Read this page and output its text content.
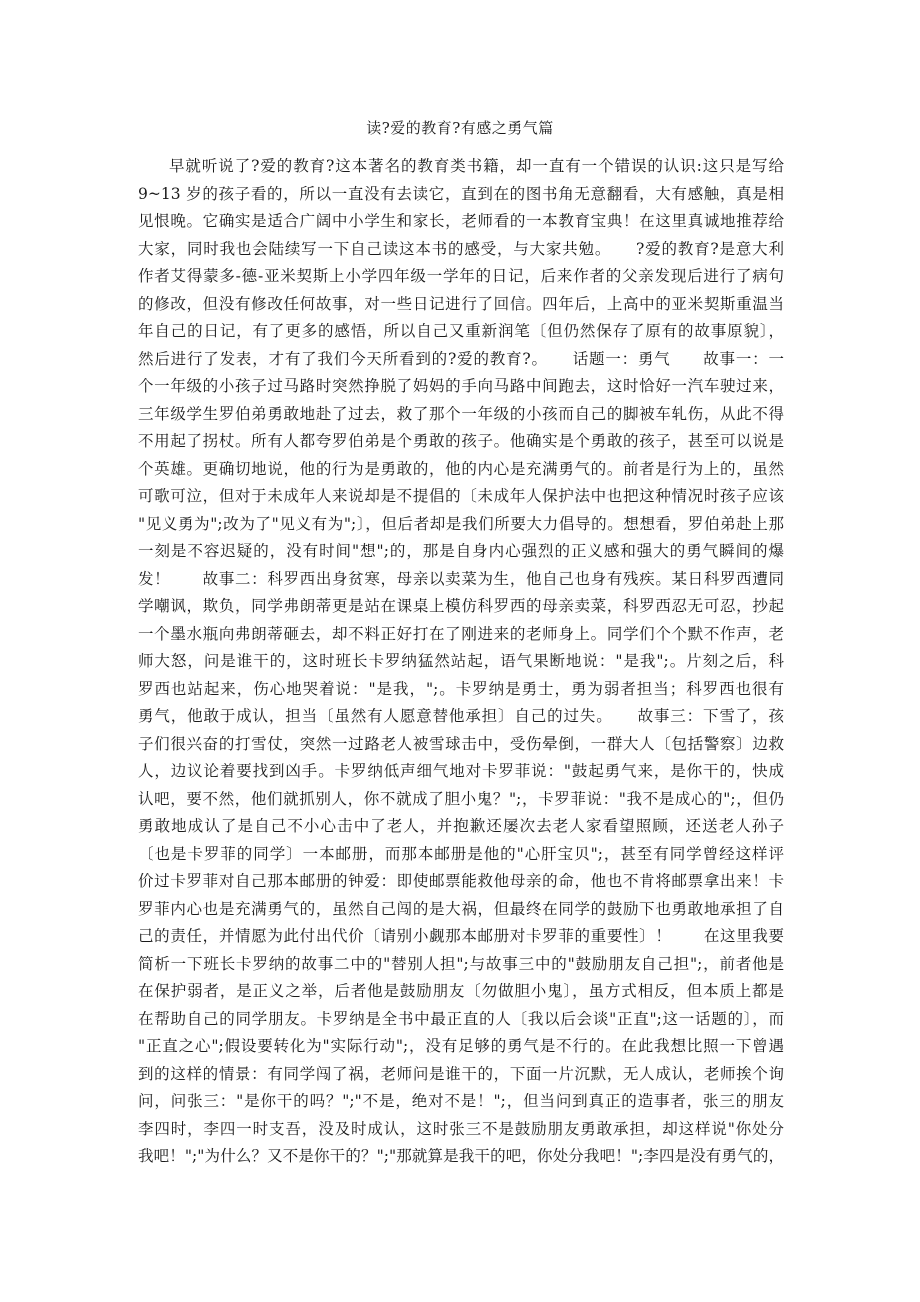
读?爱的教育?有感之勇气篇
早就听说了?爱的教育?这本著名的教育类书籍，却一直有一个错误的认识:这只是写给
9~13 岁的孩子看的，所以一直没有去读它，直到在的图书角无意翻看，大有感触，真是相
见恨晚。它确实是适合广阔中小学生和家长，老师看的一本教育宝典！在这里真诚地推荐给
大家，同时我也会陆续写一下自己读这本书的感受，与大家共勉。　　?爱的教育?是意大利
作者艾得蒙多-德-亚米契斯上小学四年级一学年的日记，后来作者的父亲发现后进行了病句
的修改，但没有修改任何故事，对一些日记进行了回信。四年后，上高中的亚米契斯重温当
年自己的日记，有了更多的感悟，所以自己又重新润笔〔但仍然保存了原有的故事原貌〕，
然后进行了发表，才有了我们今天所看到的?爱的教育?。　　话题一：勇气　　故事一：一
个一年级的小孩子过马路时突然挣脱了妈妈的手向马路中间跑去，这时恰好一汽车驶过来，
三年级学生罗伯弟勇敢地赴了过去，救了那个一年级的小孩而自己的脚被车轧伤，从此不得
不用起了拐杖。所有人都夸罗伯弟是个勇敢的孩子。他确实是个勇敢的孩子，甚至可以说是
个英雄。更确切地说，他的行为是勇敢的，他的内心是充满勇气的。前者是行为上的，虽然
可歌可泣，但对于未成年人来说却是不提倡的〔未成年人保护法中也把这种情况时孩子应该
"见义勇为";改为了"见义有为";〕，但后者却是我们所要大力倡导的。想想看，罗伯弟赴上那
一刻是不容迟疑的，没有时间"想";的，那是自身内心强烈的正义感和强大的勇气瞬间的爆
发！　　故事二：科罗西出身贫寒，母亲以卖菜为生，他自己也身有残疾。某日科罗西遭同
学嘲讽，欺负，同学弗朗蒂更是站在课桌上模仿科罗西的母亲卖菜，科罗西忍无可忍，抄起
一个墨水瓶向弗朗蒂砸去，却不料正好打在了刚进来的老师身上。同学们个个默不作声，老
师大怒，问是谁干的，这时班长卡罗纳猛然站起，语气果断地说："是我";。片刻之后，科
罗西也站起来，伤心地哭着说："是我，";。卡罗纳是勇士，勇为弱者担当；科罗西也很有
勇气，他敢于成认，担当〔虽然有人愿意替他承担〕自己的过失。　　故事三：下雪了，孩
子们很兴奋的打雪仗，突然一过路老人被雪球击中，受伤晕倒，一群大人〔包括警察〕边救
人，边议论着要找到凶手。卡罗纳低声细气地对卡罗菲说："鼓起勇气来，是你干的，快成
认吧，要不然，他们就抓别人，你不就成了胆小鬼？";，卡罗菲说："我不是成心的";，但仍
勇敢地成认了是自己不小心击中了老人，并抱歉还屡次去老人家看望照顾，还送老人孙子
〔也是卡罗菲的同学〕一本邮册，而那本邮册是他的"心肝宝贝";，甚至有同学曾经这样评
价过卡罗菲对自己那本邮册的钟爱：即使邮票能救他母亲的命，他也不肯将邮票拿出来！卡
罗菲内心也是充满勇气的，虽然自己闯的是大祸，但最终在同学的鼓励下也勇敢地承担了自
己的责任，并情愿为此付出代价〔请别小觑那本邮册对卡罗菲的重要性〕！　　在这里我要
简析一下班长卡罗纳的故事二中的"替别人担";与故事三中的"鼓励朋友自己担";，前者他是
在保护弱者，是正义之举，后者他是鼓励朋友〔勿做胆小鬼〕，虽方式相反，但本质上都是
在帮助自己的同学朋友。卡罗纳是全书中最正直的人〔我以后会谈"正直";这一话题的〕，而
"正直之心";假设要转化为"实际行动";，没有足够的勇气是不行的。在此我想比照一下曾遇
到的这样的情景：有同学闯了祸，老师问是谁干的，下面一片沉默，无人成认，老师挨个询
问，问张三："是你干的吗？";"不是，绝对不是！";，但当问到真正的造事者，张三的朋友
李四时，李四一时支吾，没及时成认，这时张三不是鼓励朋友勇敢承担，却这样说"你处分
我吧！";"为什么？又不是你干的？";"那就算是我干的吧，你处分我吧！";李四是没有勇气的，
